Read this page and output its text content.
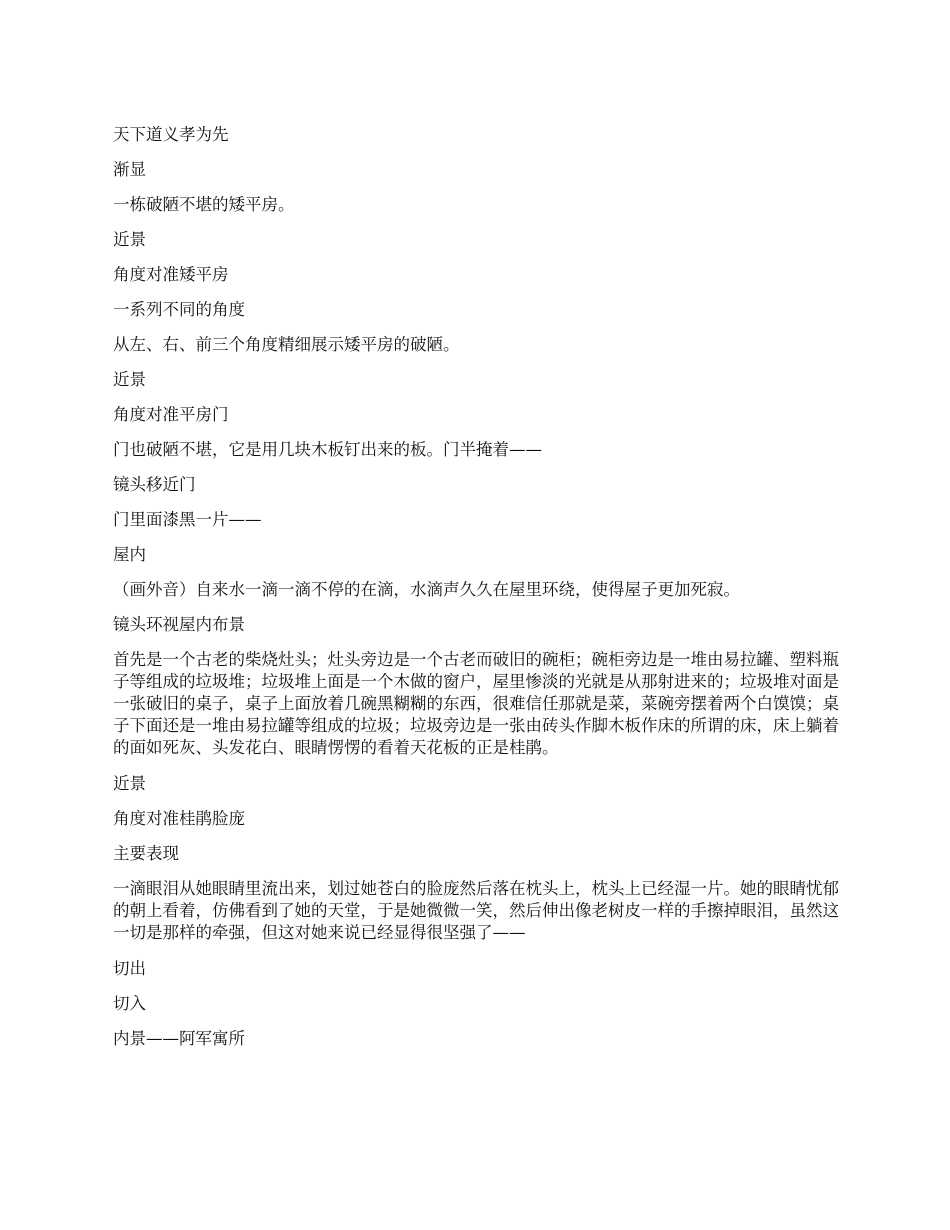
天下道义孝为先

渐显

一栋破陋不堪的矮平房。

近景

角度对准矮平房

一系列不同的角度

从左、右、前三个角度精细展示矮平房的破陋。

近景

角度对准平房门

门也破陋不堪，它是用几块木板钉出来的板。门半掩着——

镜头移近门

门里面漆黑一片——

屋内

（画外音）自来水一滴一滴不停的在滴，水滴声久久在屋里环绕，使得屋子更加死寂。

镜头环视屋内布景

首先是一个古老的柴烧灶头；灶头旁边是一个古老而破旧的碗柜；碗柜旁边是一堆由易拉罐、塑料瓶子等组成的垃圾堆；垃圾堆上面是一个木做的窗户，屋里惨淡的光就是从那射进来的；垃圾堆对面是一张破旧的桌子，桌子上面放着几碗黑糊糊的东西，很难信任那就是菜，菜碗旁摆着两个白馍馍；桌子下面还是一堆由易拉罐等组成的垃圾；垃圾旁边是一张由砖头作脚木板作床的所谓的床，床上躺着的面如死灰、头发花白、眼睛愣愣的看着天花板的正是桂鹃。

近景

角度对准桂鹃脸庞

主要表现

一滴眼泪从她眼睛里流出来，划过她苍白的脸庞然后落在枕头上，枕头上已经湿一片。她的眼睛忧郁的朝上看着，仿佛看到了她的天堂，于是她微微一笑，然后伸出像老树皮一样的手擦掉眼泪，虽然这一切是那样的牵强，但这对她来说已经显得很坚强了——

切出

切入

内景——阿军寓所
